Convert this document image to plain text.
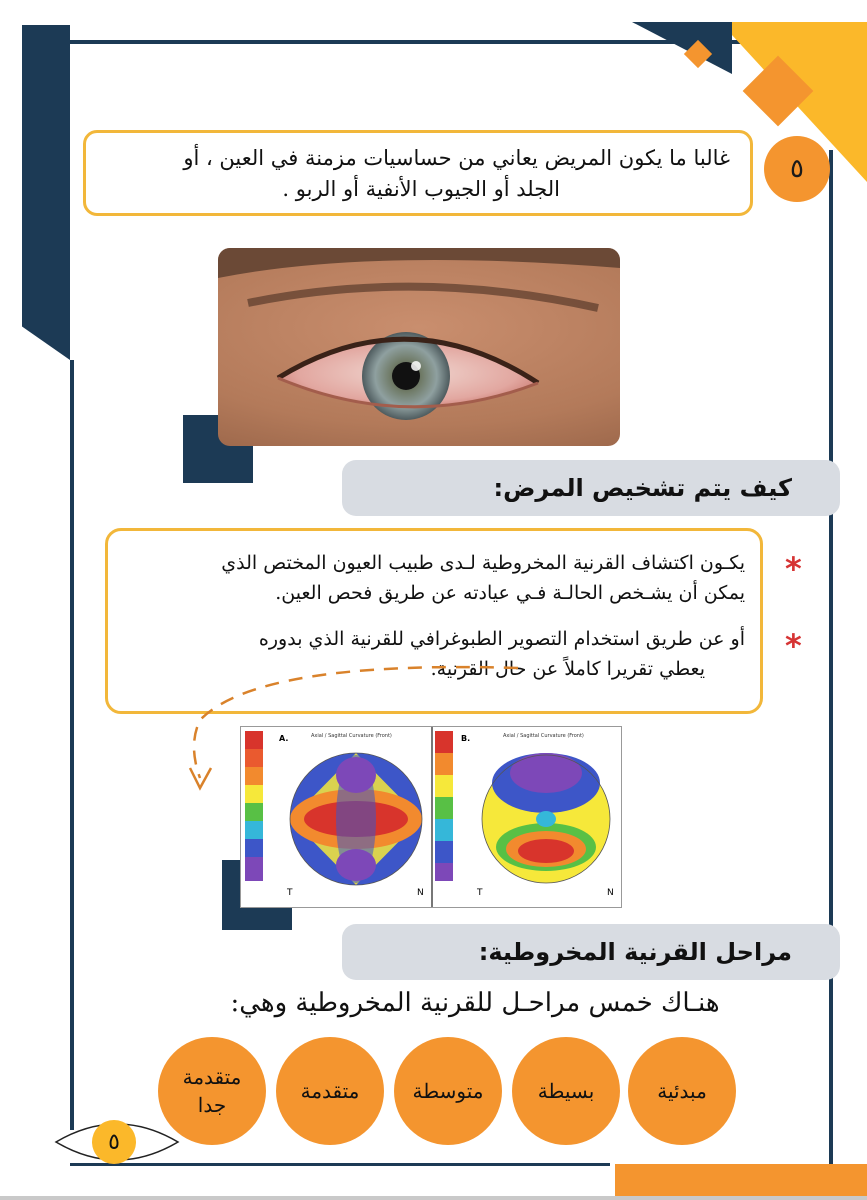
٥
غالبا ما يكون المريض يعاني من حساسيات مزمنة في العين ، أو
الجلد أو الجيوب الأنفية أو الربو .
كيف يتم تشخيص المرض:
*
*
يكـون اكتشاف القرنية المخروطية لـدى طبيب العيون المختص الذي
يمكن أن يشـخص الحالـة فـي عيادته عن طريق فحص العين.
أو عن طريق استخدام التصوير الطبوغرافي للقرنية الذي بدوره
يعطي تقريرا كاملاً عن حال القرنية.
A.	Axial / Sagittal Curvature (Front)
T	N
B.	Axial / Sagittal Curvature (Front)
T	N
مراحل القرنية المخروطية:
هنـاك خمس مراحـل للقرنية المخروطية وهي:
مبدئية
بسيطة
متوسطة
متقدمة
متقدمة جدا
٥
